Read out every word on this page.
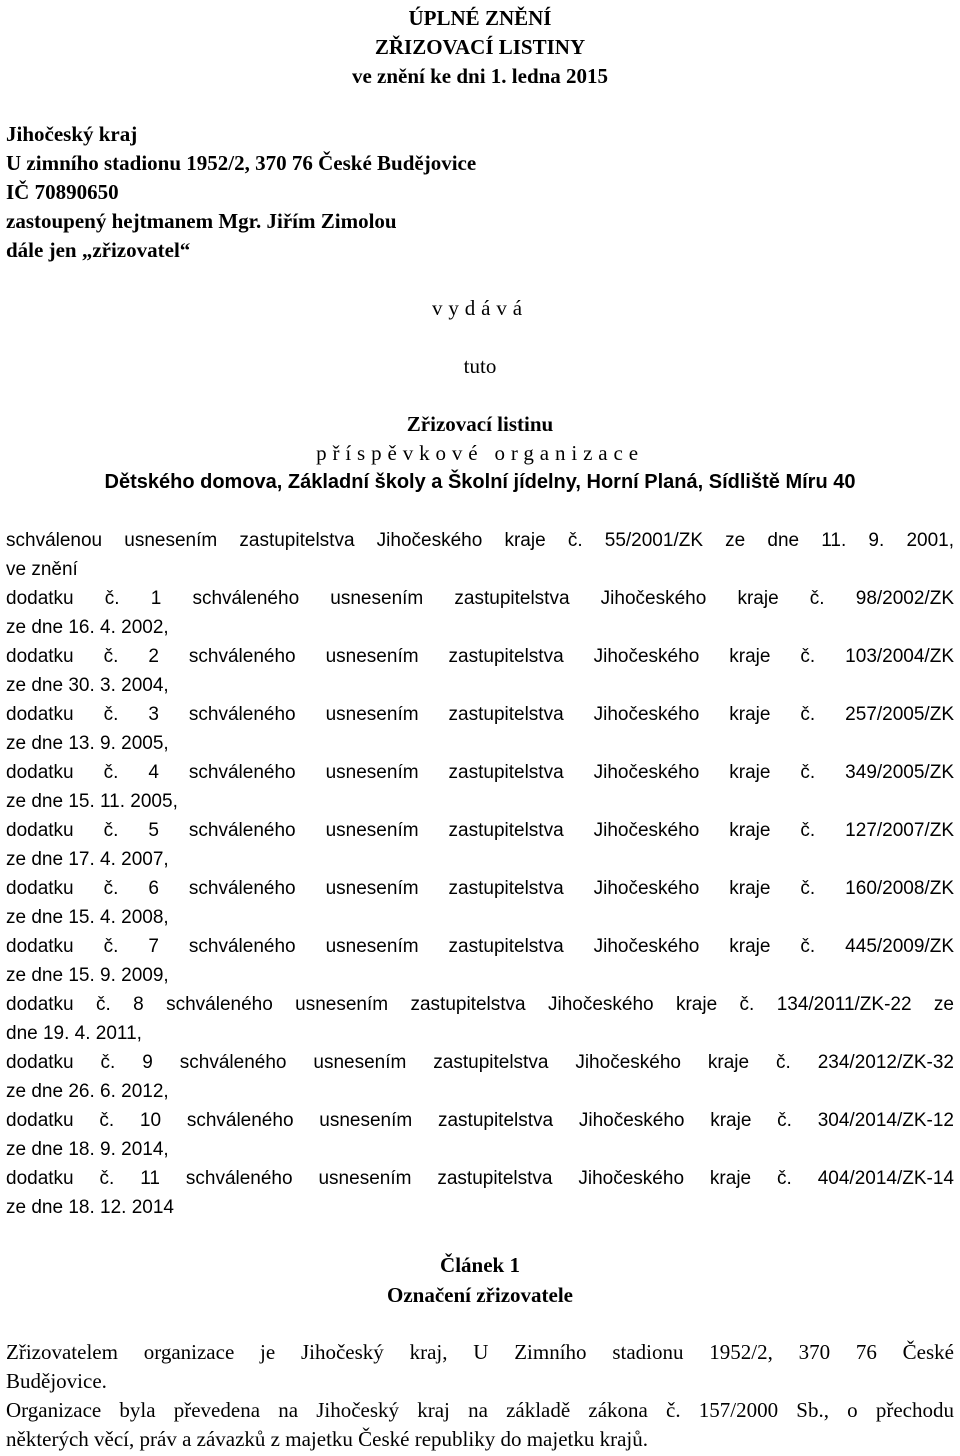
ÚPLNÉ ZNĚNÍ
ZŘIZOVACÍ LISTINY
ve znění ke dni 1. ledna 2015
Jihočeský kraj
U zimního stadionu 1952/2, 370 76 České Budějovice
IČ 70890650
zastoupený hejtmanem Mgr. Jiřím Zimolou
dále jen „zřizovatel“
vydává
tuto
Zřizovací listinu
příspěvkové organizace
Dětského domova, Základní školy a Školní jídelny, Horní Planá, Sídliště Míru 40
schválenou usnesením zastupitelstva Jihočeského kraje č. 55/2001/ZK ze dne 11. 9. 2001,
ve znění
dodatku č. 1 schváleného usnesením zastupitelstva Jihočeského kraje č. 98/2002/ZK
ze dne 16. 4. 2002,
dodatku č. 2 schváleného usnesením zastupitelstva Jihočeského kraje č. 103/2004/ZK
ze dne 30. 3. 2004,
dodatku č. 3 schváleného usnesením zastupitelstva Jihočeského kraje č. 257/2005/ZK
ze dne 13. 9. 2005,
dodatku č. 4 schváleného usnesením zastupitelstva Jihočeského kraje č. 349/2005/ZK
ze dne 15. 11. 2005,
dodatku č. 5 schváleného usnesením zastupitelstva Jihočeského kraje č. 127/2007/ZK
ze dne 17. 4. 2007,
dodatku č. 6 schváleného usnesením zastupitelstva Jihočeského kraje č. 160/2008/ZK
ze dne 15. 4. 2008,
dodatku č. 7 schváleného usnesením zastupitelstva Jihočeského kraje č. 445/2009/ZK
ze dne 15. 9. 2009,
dodatku č. 8 schváleného usnesením zastupitelstva Jihočeského kraje č. 134/2011/ZK-22 ze
dne 19. 4. 2011,
dodatku č. 9 schváleného usnesením zastupitelstva Jihočeského kraje č. 234/2012/ZK-32
ze dne 26. 6. 2012,
dodatku č. 10 schváleného usnesením zastupitelstva Jihočeského kraje č. 304/2014/ZK-12
ze dne 18. 9. 2014,
dodatku č. 11 schváleného usnesením zastupitelstva Jihočeského kraje č. 404/2014/ZK-14
ze dne 18. 12. 2014
Článek 1
Označení zřizovatele
Zřizovatelem organizace je Jihočeský kraj, U Zimního stadionu 1952/2, 370 76 České
Budějovice.
Organizace byla převedena na Jihočeský kraj na základě zákona č. 157/2000 Sb., o přechodu
některých věcí, práv a závazků z majetku České republiky do majetku krajů.
